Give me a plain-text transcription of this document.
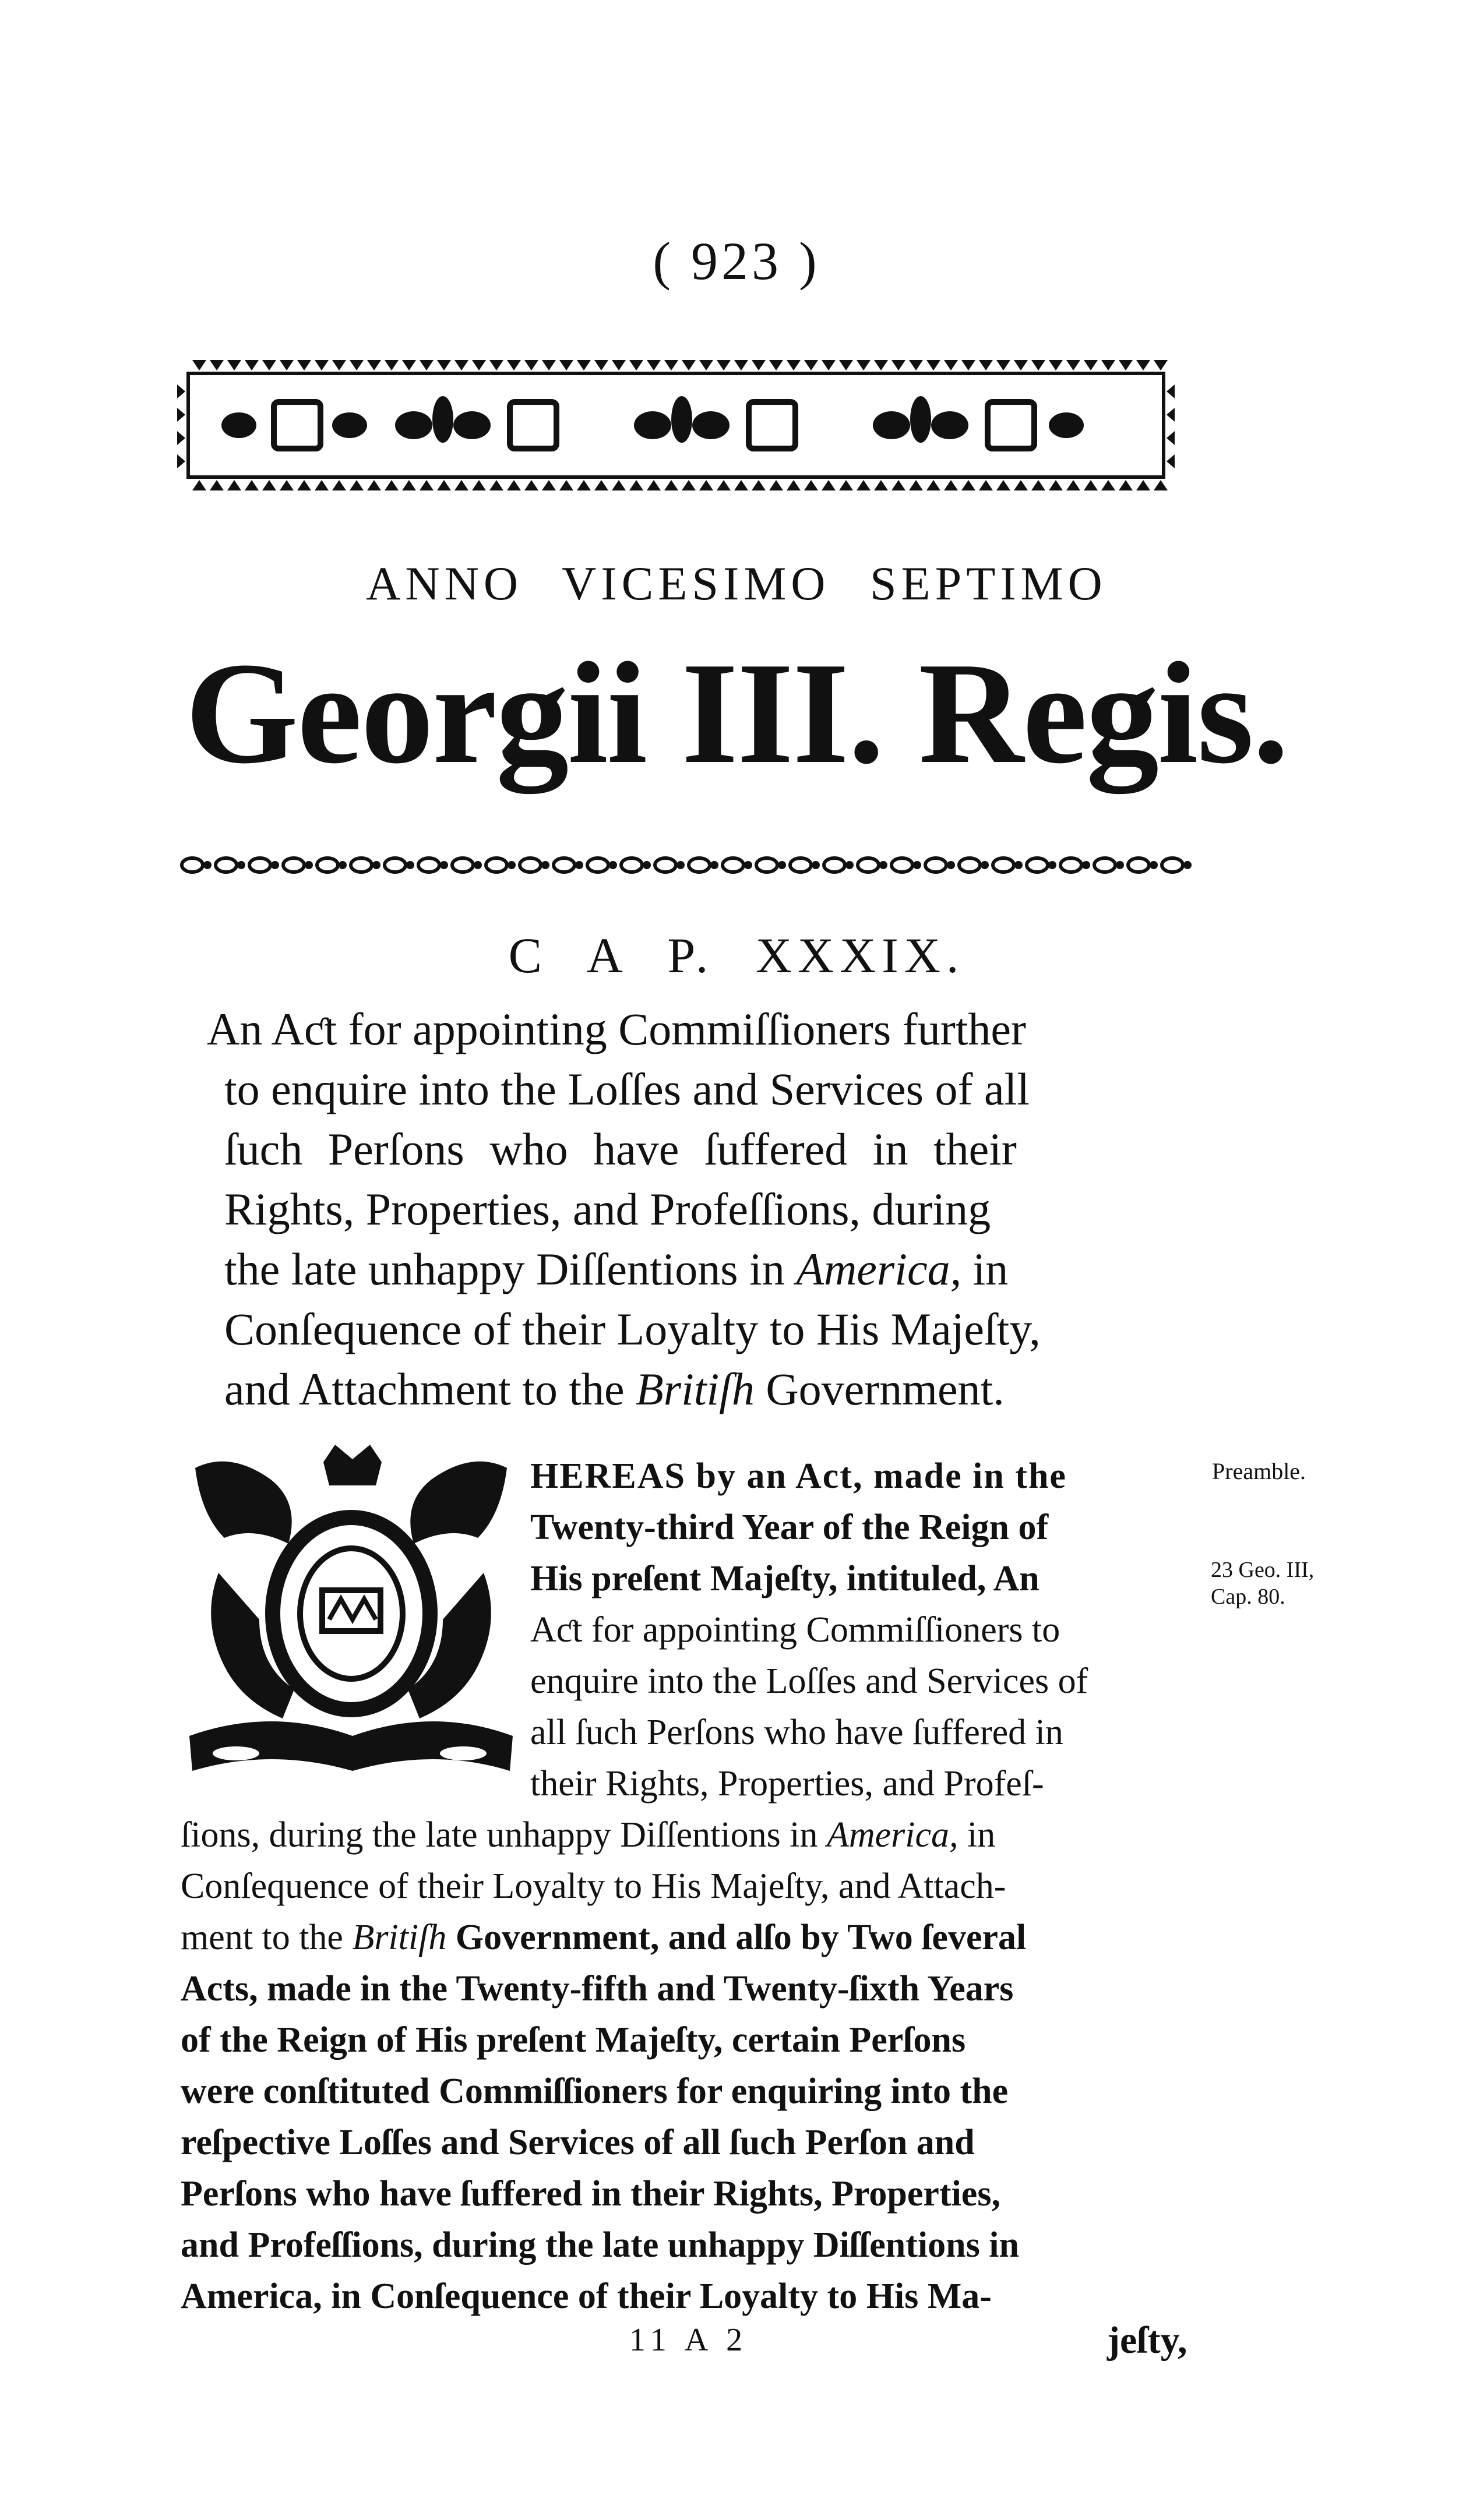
( 923 )
ANNO VICESIMO SEPTIMO
Georgii III. Regis.
C A P. XXXIX.
An Aƈt for appointing Commiſſioners further
to enquire into the Loſſes and Services of all
ſuch Perſons who have ſuffered in their
Rights, Properties, and Profeſſions, during
the late unhappy Diſſentions in America, in
Conſequence of their Loyalty to His Majeſty,
and Attachment to the Britiſh Government.
HEREAS by an Act, made in the
Twenty-third Year of the Reign of
His preſent Majeſty, intituled, An
Aƈt for appointing Commiſſioners to
enquire into the Loſſes and Services of
all ſuch Perſons who have ſuffered in
their Rights, Properties, and Profeſ-
ſions, during the late unhappy Diſſentions in America, in
Conſequence of their Loyalty to His Majeſty, and Attach-
ment to the Britiſh Government, and alſo by Two ſeveral
Acts, made in the Twenty-fifth and Twenty-ſixth Years
of the Reign of His preſent Majeſty, certain Perſons
were conſtituted Commiſſioners for enquiring into the
reſpective Loſſes and Services of all ſuch Perſon and
Perſons who have ſuffered in their Rights, Properties,
and Profeſſions, during the late unhappy Diſſentions in
America, in Conſequence of their Loyalty to His Ma-
Preamble.
23 Geo. III,
Cap. 80.
11 A 2	jeſty,
